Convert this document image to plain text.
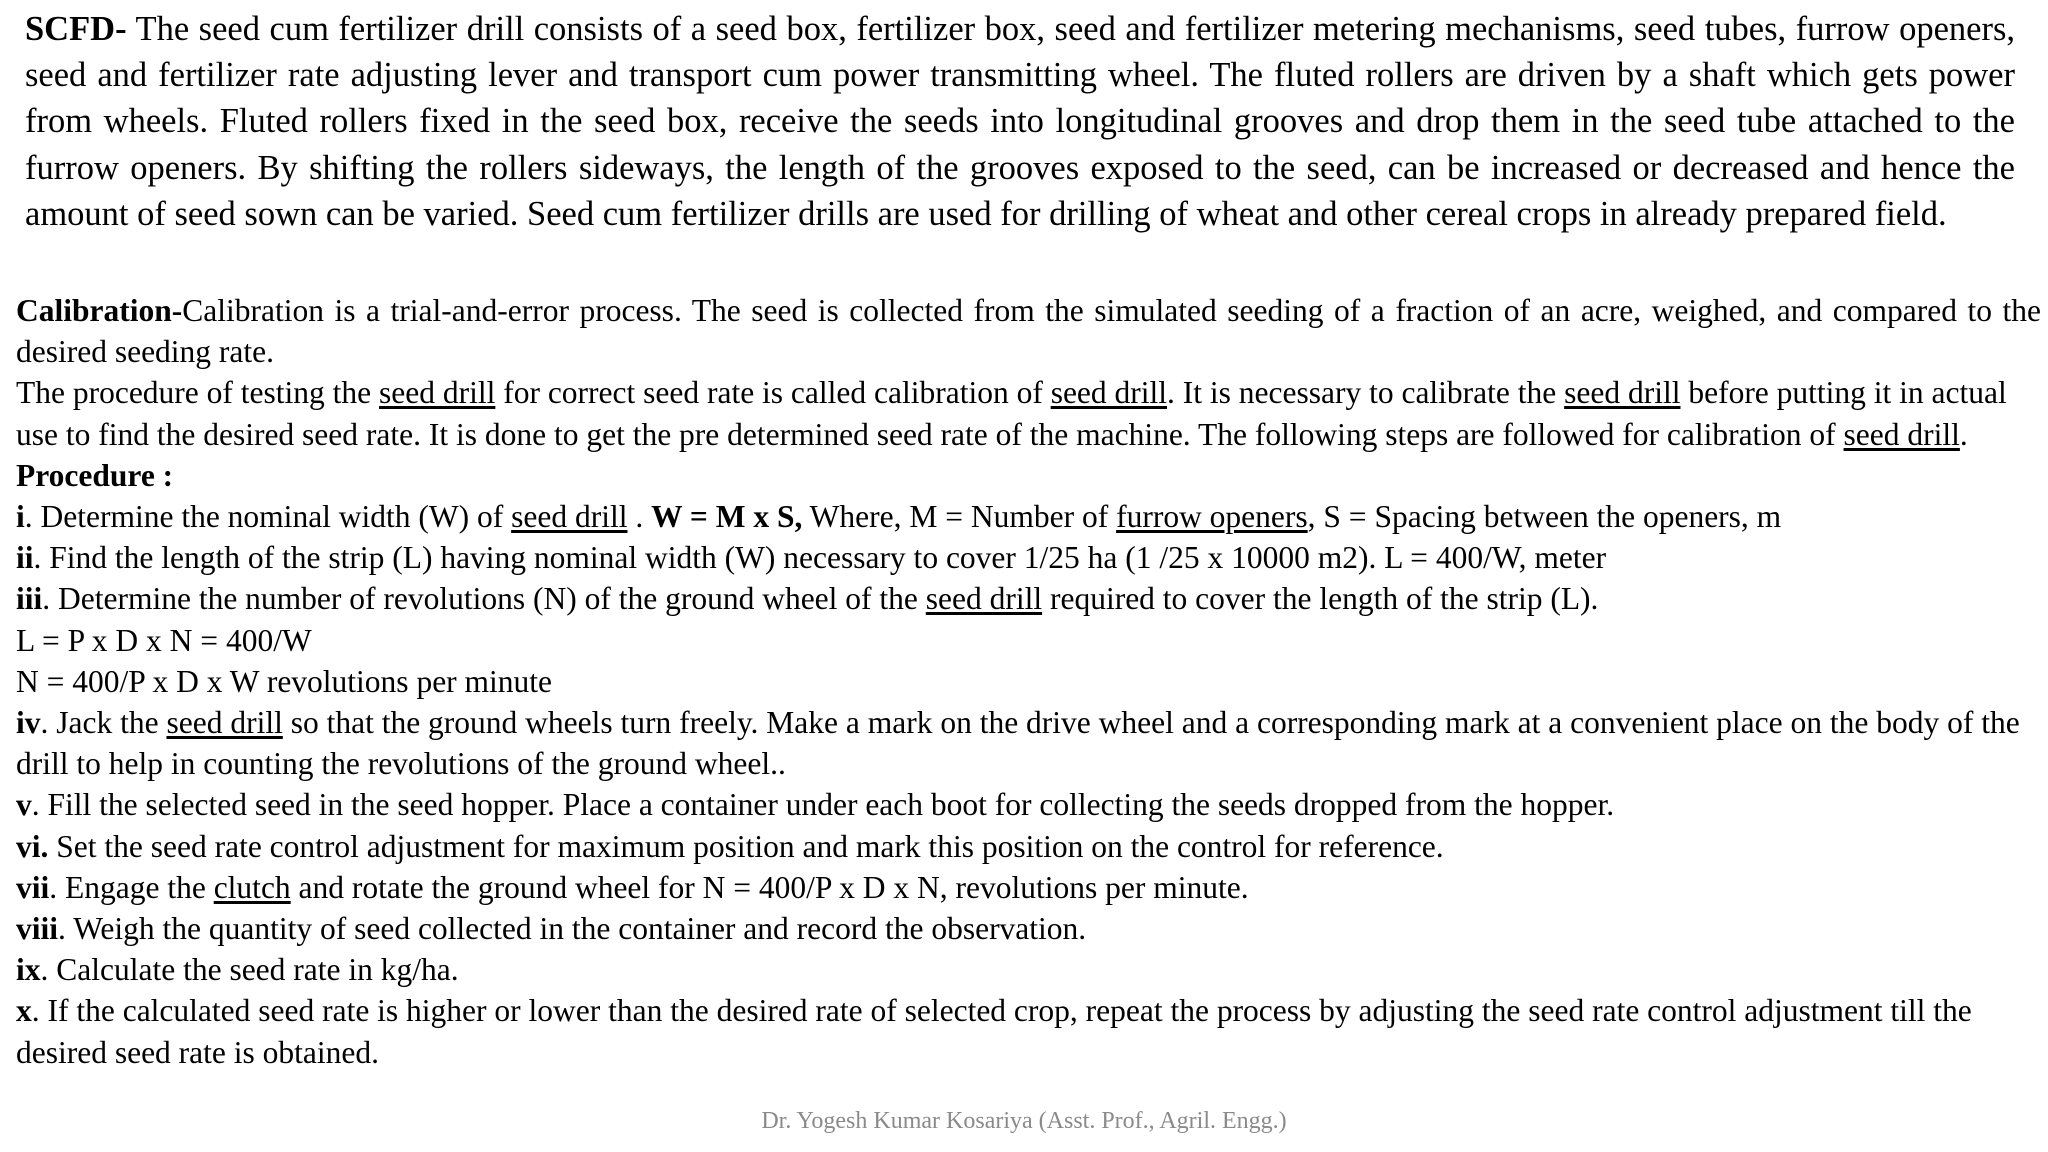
SCFD- The seed cum fertilizer drill consists of a seed box, fertilizer box, seed and fertilizer metering mechanisms, seed tubes, furrow openers, seed and fertilizer rate adjusting lever and transport cum power transmitting wheel. The fluted rollers are driven by a shaft which gets power from wheels. Fluted rollers fixed in the seed box, receive the seeds into longitudinal grooves and drop them in the seed tube attached to the furrow openers. By shifting the rollers sideways, the length of the grooves exposed to the seed, can be increased or decreased and hence the amount of seed sown can be varied. Seed cum fertilizer drills are used for drilling of wheat and other cereal crops in already prepared field.
Calibration-Calibration is a trial-and-error process. The seed is collected from the simulated seeding of a fraction of an acre, weighed, and compared to the desired seeding rate.
The procedure of testing the seed drill for correct seed rate is called calibration of seed drill. It is necessary to calibrate the seed drill before putting it in actual use to find the desired seed rate. It is done to get the pre determined seed rate of the machine. The following steps are followed for calibration of seed drill.
Procedure :
i. Determine the nominal width (W) of seed drill . W = M x S, Where, M = Number of furrow openers, S = Spacing between the openers, m
ii. Find the length of the strip (L) having nominal width (W) necessary to cover 1/25 ha (1 /25 x 10000 m2). L = 400/W, meter
iii. Determine the number of revolutions (N) of the ground wheel of the seed drill required to cover the length of the strip (L).
L = P x D x N = 400/W
N = 400/P x D x W revolutions per minute
iv. Jack the seed drill so that the ground wheels turn freely. Make a mark on the drive wheel and a corresponding mark at a convenient place on the body of the drill to help in counting the revolutions of the ground wheel..
v. Fill the selected seed in the seed hopper. Place a container under each boot for collecting the seeds dropped from the hopper.
vi. Set the seed rate control adjustment for maximum position and mark this position on the control for reference.
vii. Engage the clutch and rotate the ground wheel for N = 400/P x D x N, revolutions per minute.
viii. Weigh the quantity of seed collected in the container and record the observation.
ix. Calculate the seed rate in kg/ha.
x. If the calculated seed rate is higher or lower than the desired rate of selected crop, repeat the process by adjusting the seed rate control adjustment till the desired seed rate is obtained.
Dr. Yogesh Kumar Kosariya (Asst. Prof., Agril. Engg.)
